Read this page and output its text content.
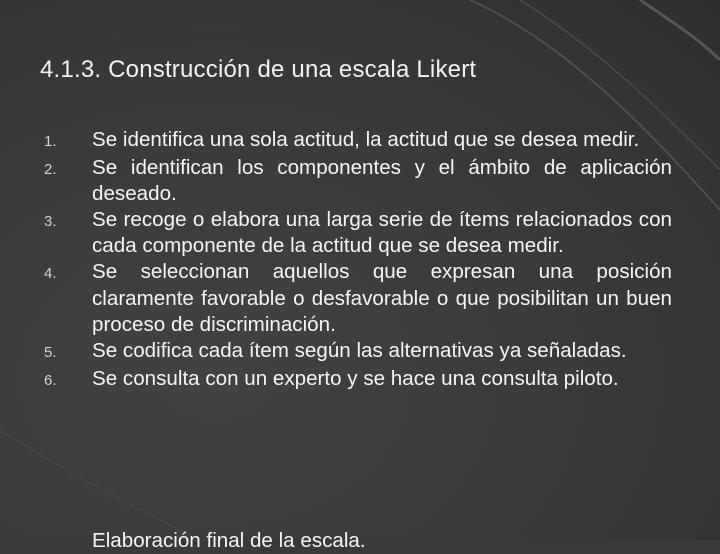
4.1.3. Construcción de una escala Likert
1.	Se identifica una sola actitud, la actitud que se desea medir.
2.	Se identifican los componentes y el ámbito de aplicación deseado.
3.	Se recoge o elabora una larga serie de ítems relacionados con cada componente de la actitud que se desea medir.
4.	Se seleccionan aquellos que expresan una posición claramente favorable o desfavorable o que posibilitan un buen proceso de discriminación.
5.	Se codifica cada ítem según las alternativas ya señaladas.
6.	Se consulta con un experto y se hace una consulta piloto.
Elaboración final de la escala.
